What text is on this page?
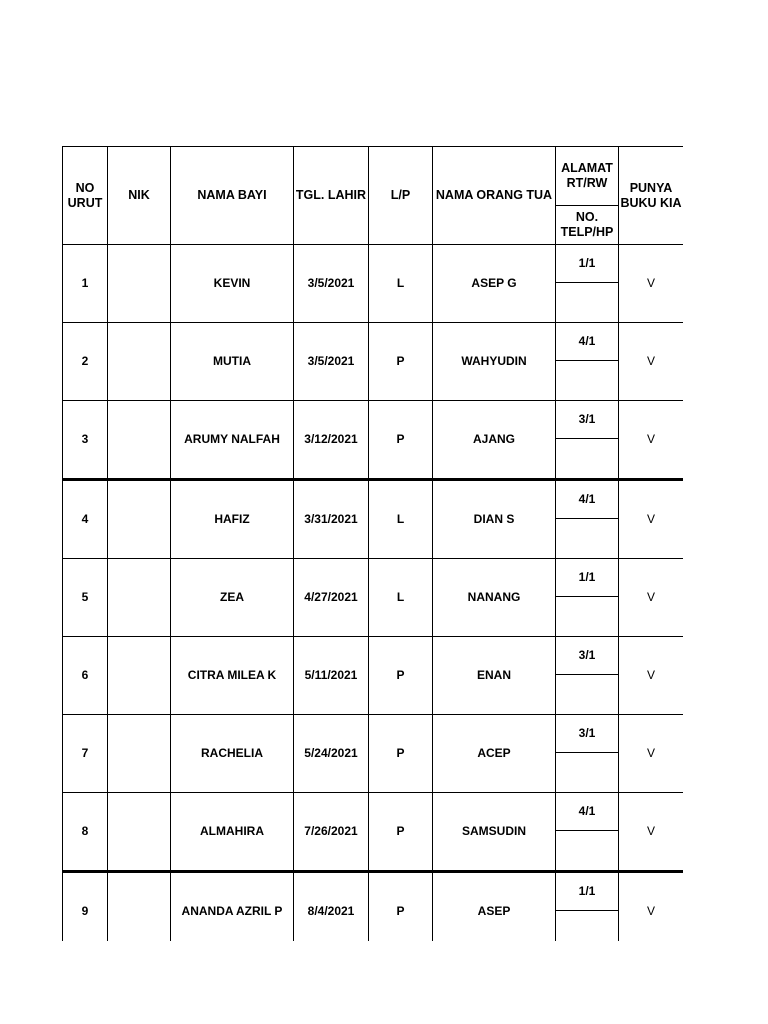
NO URUT	NIK	NAMA BAYI	TGL. LAHIR	L/P	NAMA ORANG TUA	ALAMAT RT/RW	PUNYA BUKU KIA
						NO. TELP/HP	
1		KEVIN	3/5/2021	L	ASEP G	1/1	V

2		MUTIA	3/5/2021	P	WAHYUDIN	4/1	V

3		ARUMY NALFAH	3/12/2021	P	AJANG	3/1	V

4		HAFIZ	3/31/2021	L	DIAN S	4/1	V

5		ZEA	4/27/2021	L	NANANG	1/1	V

6		CITRA MILEA K	5/11/2021	P	ENAN	3/1	V

7		RACHELIA	5/24/2021	P	ACEP	3/1	V

8		ALMAHIRA	7/26/2021	P	SAMSUDIN	4/1	V

9		ANANDA AZRIL P	8/4/2021	P	ASEP	1/1	V
